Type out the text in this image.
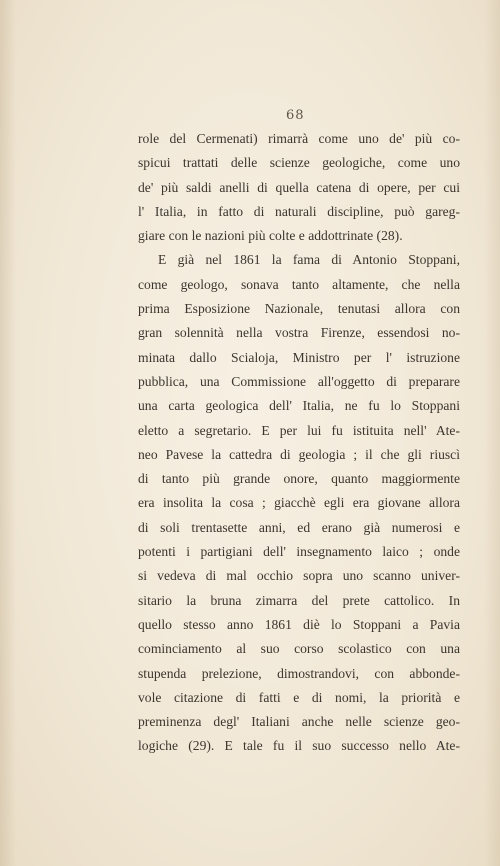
68
role del Cermenati) rimarrà come uno de' più co-
spicui trattati delle scienze geologiche, come uno
de' più saldi anelli di quella catena di opere, per cui
l' Italia, in fatto di naturali discipline, può gareg-
giare con le nazioni più colte e addottrinate (28).
E già nel 1861 la fama di Antonio Stoppani,
come geologo, sonava tanto altamente, che nella
prima Esposizione Nazionale, tenutasi allora con
gran solennità nella vostra Firenze, essendosi no-
minata dallo Scialoja, Ministro per l' istruzione
pubblica, una Commissione all'oggetto di preparare
una carta geologica dell' Italia, ne fu lo Stoppani
eletto a segretario. E per lui fu istituita nell' Ate-
neo Pavese la cattedra di geologia ; il che gli riuscì
di tanto più grande onore, quanto maggiormente
era insolita la cosa ; giacchè egli era giovane allora
di soli trentasette anni, ed erano già numerosi e
potenti i partigiani dell' insegnamento laico ; onde
si vedeva di mal occhio sopra uno scanno univer-
sitario la bruna zimarra del prete cattolico. In
quello stesso anno 1861 diè lo Stoppani a Pavia
cominciamento al suo corso scolastico con una
stupenda prelezione, dimostrandovi, con abbonde-
vole citazione di fatti e di nomi, la priorità e
preminenza degl' Italiani anche nelle scienze geo-
logiche (29). E tale fu il suo successo nello Ate-
